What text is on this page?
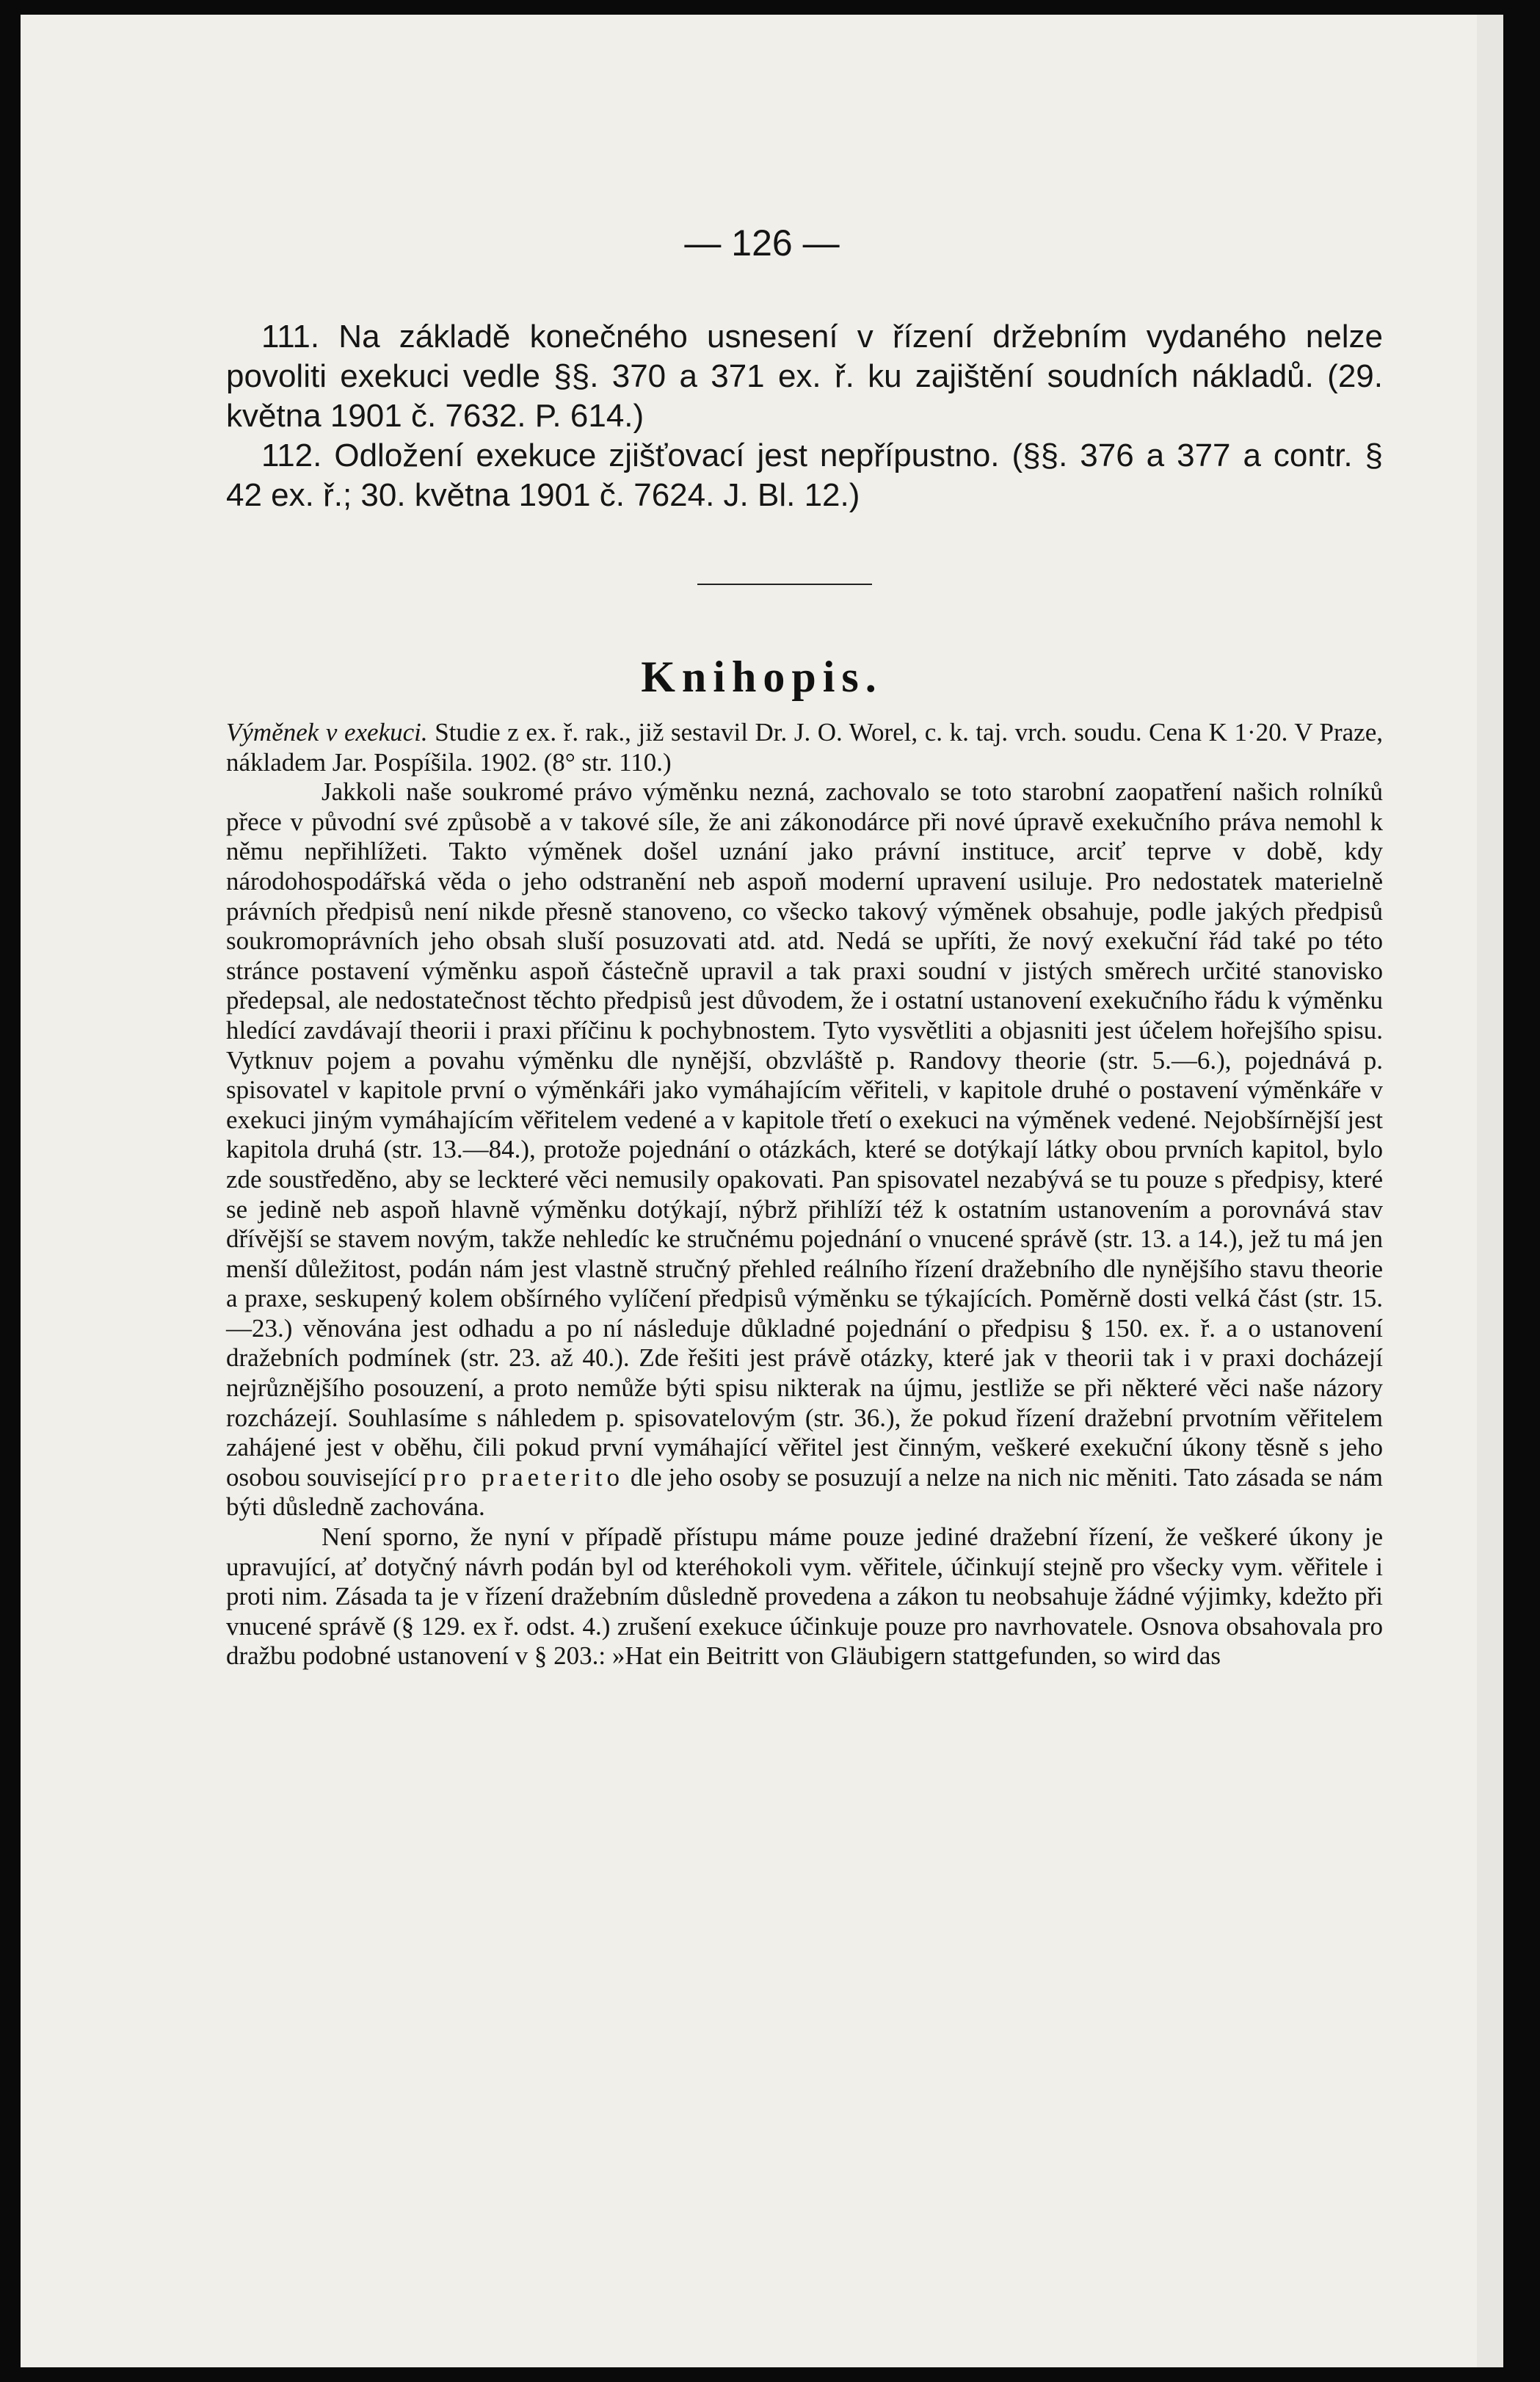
— 126 —

111. Na základě konečného usnesení v řízení držebním vydaného nelze povoliti exekuci vedle §§. 370 a 371 ex. ř. ku zajištění soudních nákladů. (29. května 1901 č. 7632. P. 614.)

112. Odložení exekuce zjišťovací jest nepřípustno. (§§. 376 a 377 a contr. § 42 ex. ř.; 30. května 1901 č. 7624. J. Bl. 12.)

Knihopis.

Výměnek v exekuci. Studie z ex. ř. rak., již sestavil Dr. J. O. Worel, c. k. taj. vrch. soudu. Cena K 1·20. V Praze, nákladem Jar. Pospíšila. 1902. (8° str. 110.)

Jakkoli naše soukromé právo výměnku nezná, zachovalo se toto starobní zaopatření našich rolníků přece v původní své způsobě a v takové síle, že ani zákonodárce při nové úpravě exekučního práva nemohl k němu nepřihlížeti. Takto výměnek došel uznání jako právní instituce, arciť teprve v době, kdy národohospodářská věda o jeho odstranění neb aspoň moderní upravení usiluje. Pro nedostatek materielně právních předpisů není nikde přesně stanoveno, co všecko takový výměnek obsahuje, podle jakých předpisů soukromoprávních jeho obsah sluší posuzovati atd. atd. Nedá se upříti, že nový exekuční řád také po této stránce postavení výměnku aspoň částečně upravil a tak praxi soudní v jistých směrech určité stanovisko předepsal, ale nedostatečnost těchto předpisů jest důvodem, že i ostatní ustanovení exekučního řádu k výměnku hledící zavdávají theorii i praxi příčinu k pochybnostem. Tyto vysvětliti a objasniti jest účelem hořejšího spisu. Vytknuv pojem a povahu výměnku dle nynější, obzvláště p. Randovy theorie (str. 5.—6.), pojednává p. spisovatel v kapitole první o výměnkáři jako vymáhajícím věřiteli, v kapitole druhé o postavení výměnkáře v exekuci jiným vymáhajícím věřitelem vedené a v kapitole třetí o exekuci na výměnek vedené. Nejobšírnější jest kapitola druhá (str. 13.—84.), protože pojednání o otázkách, které se dotýkají látky obou prvních kapitol, bylo zde soustředěno, aby se leckteré věci nemusily opakovati. Pan spisovatel nezabývá se tu pouze s předpisy, které se jedině neb aspoň hlavně výměnku dotýkají, nýbrž přihlíží též k ostatním ustanovením a porovnává stav dřívější se stavem novým, takže nehledíc ke stručnému pojednání o vnucené správě (str. 13. a 14.), jež tu má jen menší důležitost, podán nám jest vlastně stručný přehled reálního řízení dražebního dle nynějšího stavu theorie a praxe, seskupený kolem obšírného vylíčení předpisů výměnku se týkajících. Poměrně dosti velká část (str. 15.—23.) věnována jest odhadu a po ní následuje důkladné pojednání o předpisu § 150. ex. ř. a o ustanovení dražebních podmínek (str. 23. až 40.). Zde řešiti jest právě otázky, které jak v theorii tak i v praxi docházejí nejrůznějšího posouzení, a proto nemůže býti spisu nikterak na újmu, jestliže se při některé věci naše názory rozcházejí. Souhlasíme s náhledem p. spisovatelovým (str. 36.), že pokud řízení dražební prvotním věřitelem zahájené jest v oběhu, čili pokud první vymáhající věřitel jest činným, veškeré exekuční úkony těsně s jeho osobou související pro praeterito dle jeho osoby se posuzují a nelze na nich nic měniti. Tato zásada se nám býti důsledně zachována.

Není sporno, že nyní v případě přístupu máme pouze jediné dražební řízení, že veškeré úkony je upravující, ať dotyčný návrh podán byl od kteréhokoli vym. věřitele, účinkují stejně pro všecky vym. věřitele i proti nim. Zásada ta je v řízení dražebním důsledně provedena a zákon tu neobsahuje žádné výjimky, kdežto při vnucené správě (§ 129. ex ř. odst. 4.) zrušení exekuce účinkuje pouze pro navrhovatele. Osnova obsahovala pro dražbu podobné ustanovení v § 203.: »Hat ein Beitritt von Gläubigern stattgefunden, so wird das
